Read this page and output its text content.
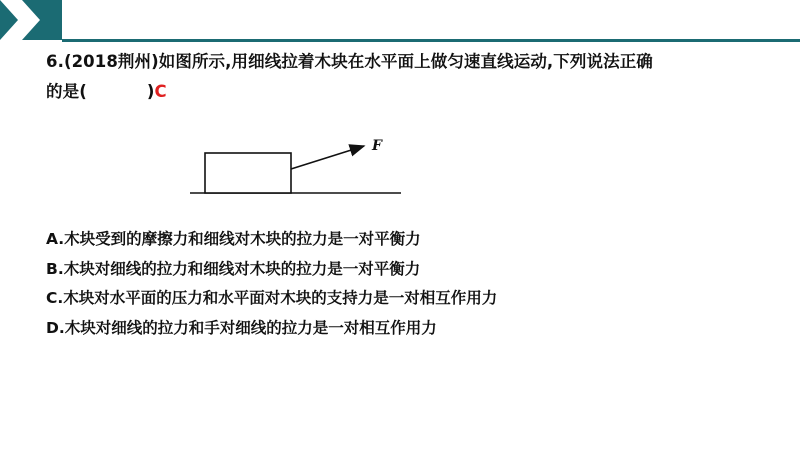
6.(2018荆州)如图所示,用细线拉着木块在水平面上做匀速直线运动,下列说法正确
的是(	)C
F
A.木块受到的摩擦力和细线对木块的拉力是一对平衡力
B.木块对细线的拉力和细线对木块的拉力是一对平衡力
C.木块对水平面的压力和水平面对木块的支持力是一对相互作用力
D.木块对细线的拉力和手对细线的拉力是一对相互作用力
